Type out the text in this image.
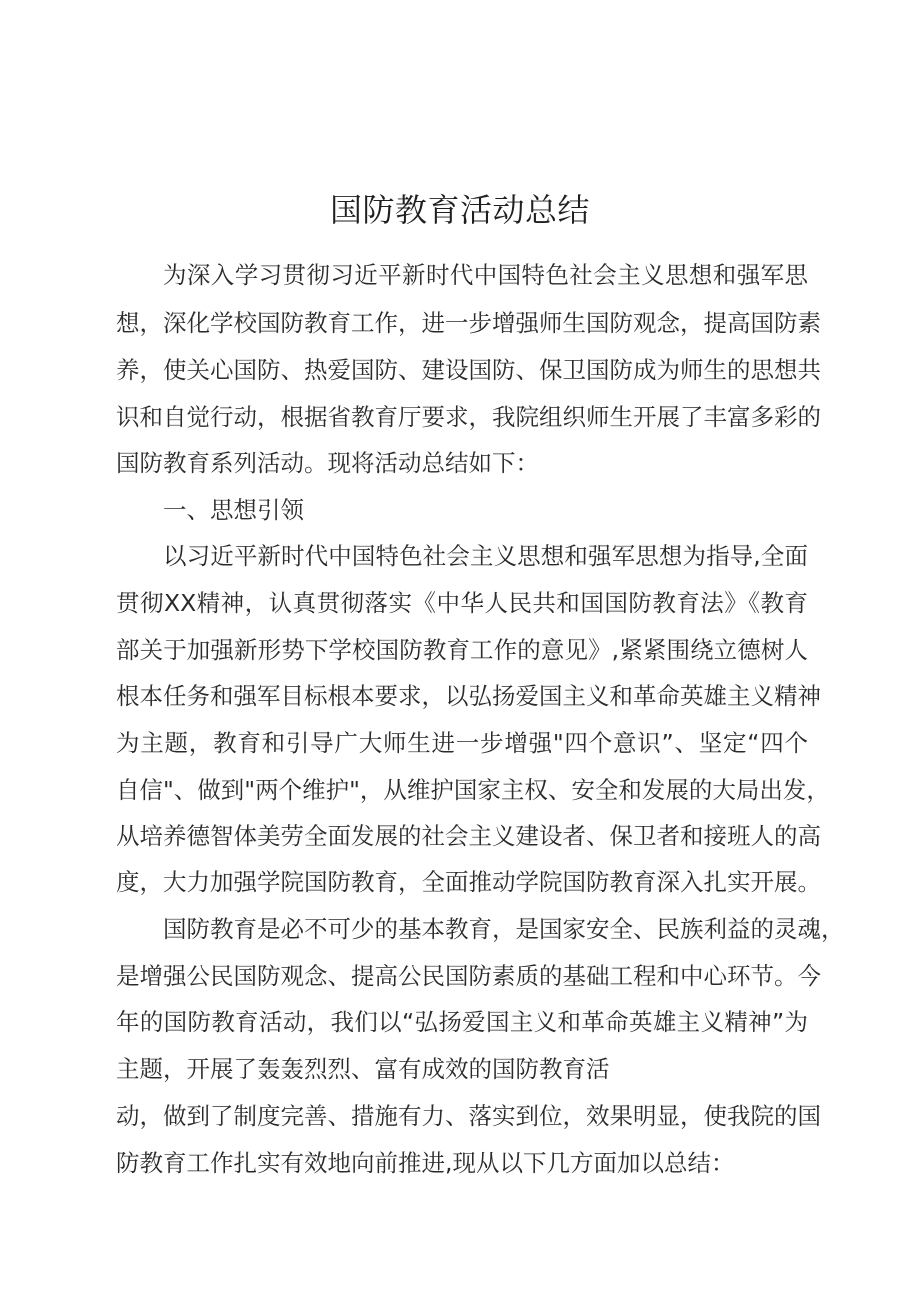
国防教育活动总结
为深入学习贯彻习近平新时代中国特色社会主义思想和强军思
想，深化学校国防教育工作，进一步增强师生国防观念，提高国防素
养，使关心国防、热爱国防、建设国防、保卫国防成为师生的思想共
识和自觉行动，根据省教育厅要求，我院组织师生开展了丰富多彩的
国防教育系列活动。现将活动总结如下：
一、思想引领
以习近平新时代中国特色社会主义思想和强军思想为指导,全面
贯彻XX精神，认真贯彻落实《中华人民共和国国防教育法》《教育
部关于加强新形势下学校国防教育工作的意见》,紧紧围绕立德树人
根本任务和强军目标根本要求，以弘扬爱国主义和革命英雄主义精神
为主题，教育和引导广大师生进一步增强"四个意识”、坚定“四个
自信"、做到"两个维护"，从维护国家主权、安全和发展的大局出发，
从培养德智体美劳全面发展的社会主义建设者、保卫者和接班人的高
度，大力加强学院国防教育，全面推动学院国防教育深入扎实开展。
国防教育是必不可少的基本教育，是国家安全、民族利益的灵魂，
是增强公民国防观念、提高公民国防素质的基础工程和中心环节。今
年的国防教育活动，我们以“弘扬爱国主义和革命英雄主义精神”为
主题，开展了轰轰烈烈、富有成效的国防教育活
动，做到了制度完善、措施有力、落实到位，效果明显，使我院的国
防教育工作扎实有效地向前推进,现从以下几方面加以总结：
